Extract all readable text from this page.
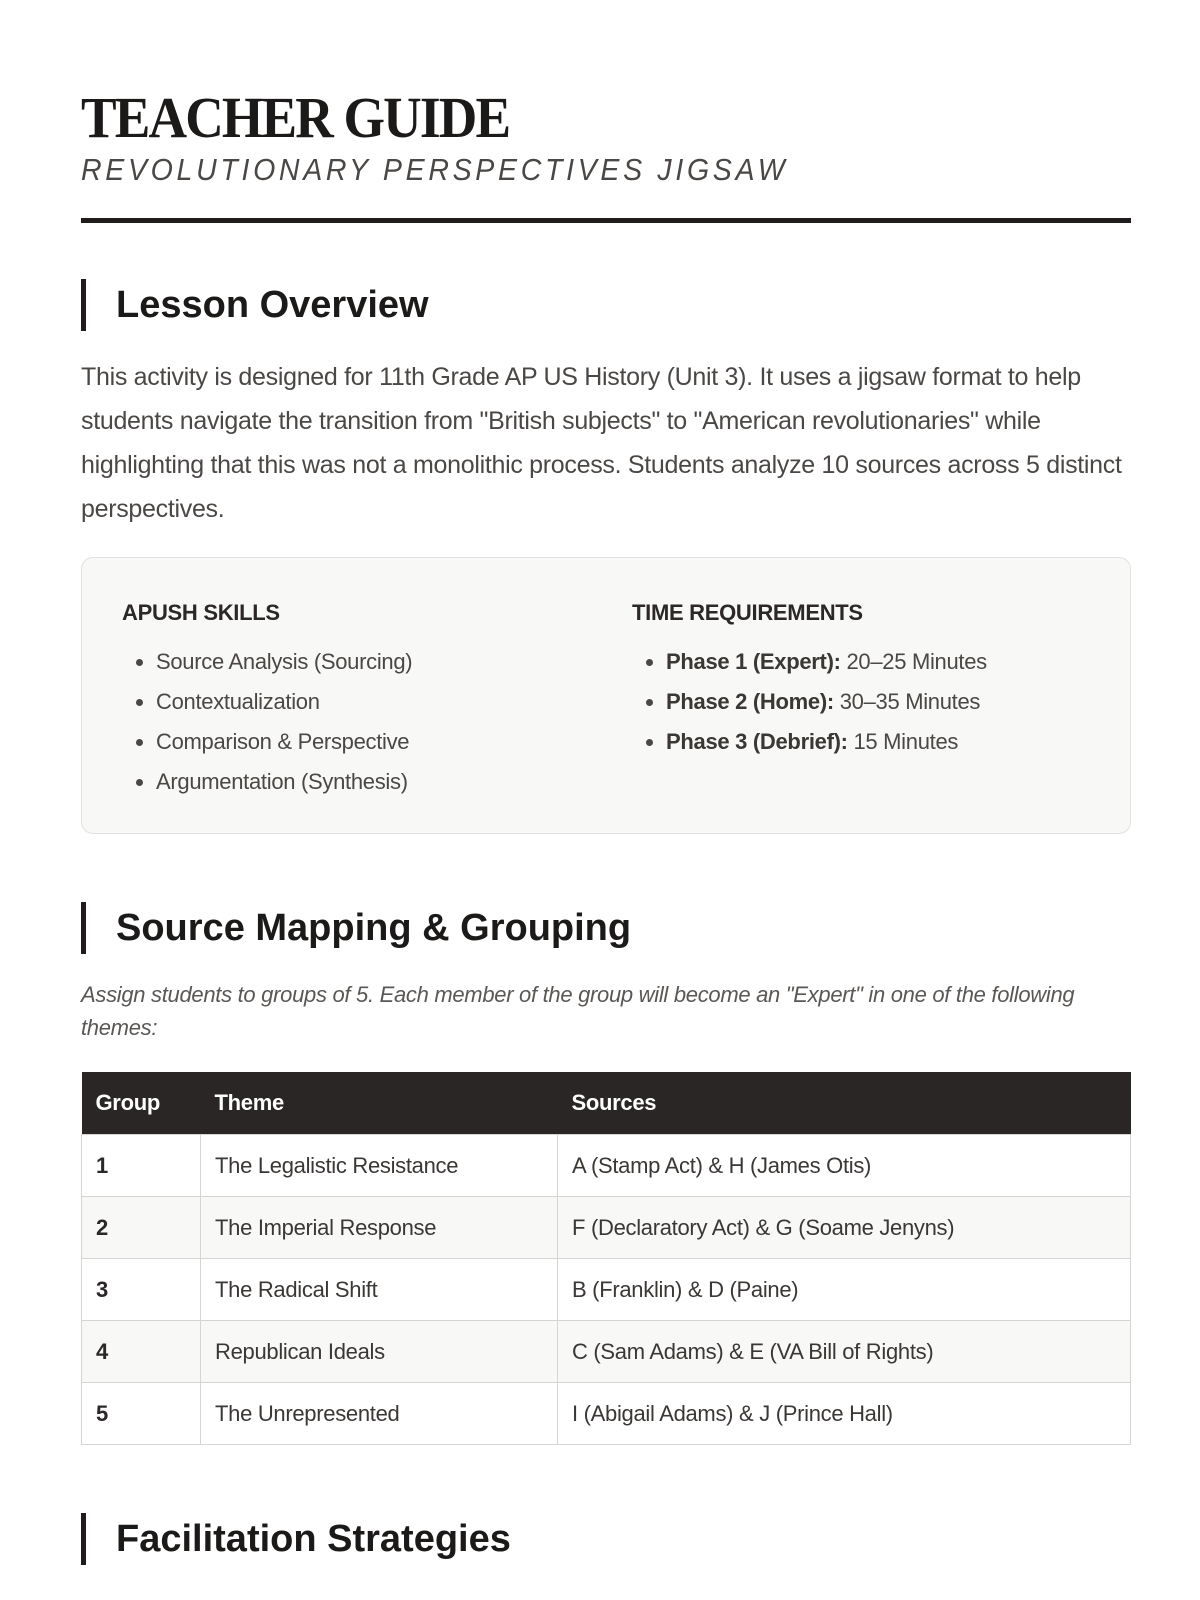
TEACHER GUIDE
REVOLUTIONARY PERSPECTIVES JIGSAW
Lesson Overview
This activity is designed for 11th Grade AP US History (Unit 3). It uses a jigsaw format to help students navigate the transition from "British subjects" to "American revolutionaries" while highlighting that this was not a monolithic process. Students analyze 10 sources across 5 distinct perspectives.
APUSH SKILLS
• Source Analysis (Sourcing)
• Contextualization
• Comparison & Perspective
• Argumentation (Synthesis)
TIME REQUIREMENTS
• Phase 1 (Expert): 20–25 Minutes
• Phase 2 (Home): 30–35 Minutes
• Phase 3 (Debrief): 15 Minutes
Source Mapping & Grouping
Assign students to groups of 5. Each member of the group will become an "Expert" in one of the following themes:
Group	Theme	Sources
1	The Legalistic Resistance	A (Stamp Act) & H (James Otis)
2	The Imperial Response	F (Declaratory Act) & G (Soame Jenyns)
3	The Radical Shift	B (Franklin) & D (Paine)
4	Republican Ideals	C (Sam Adams) & E (VA Bill of Rights)
5	The Unrepresented	I (Abigail Adams) & J (Prince Hall)
Facilitation Strategies
